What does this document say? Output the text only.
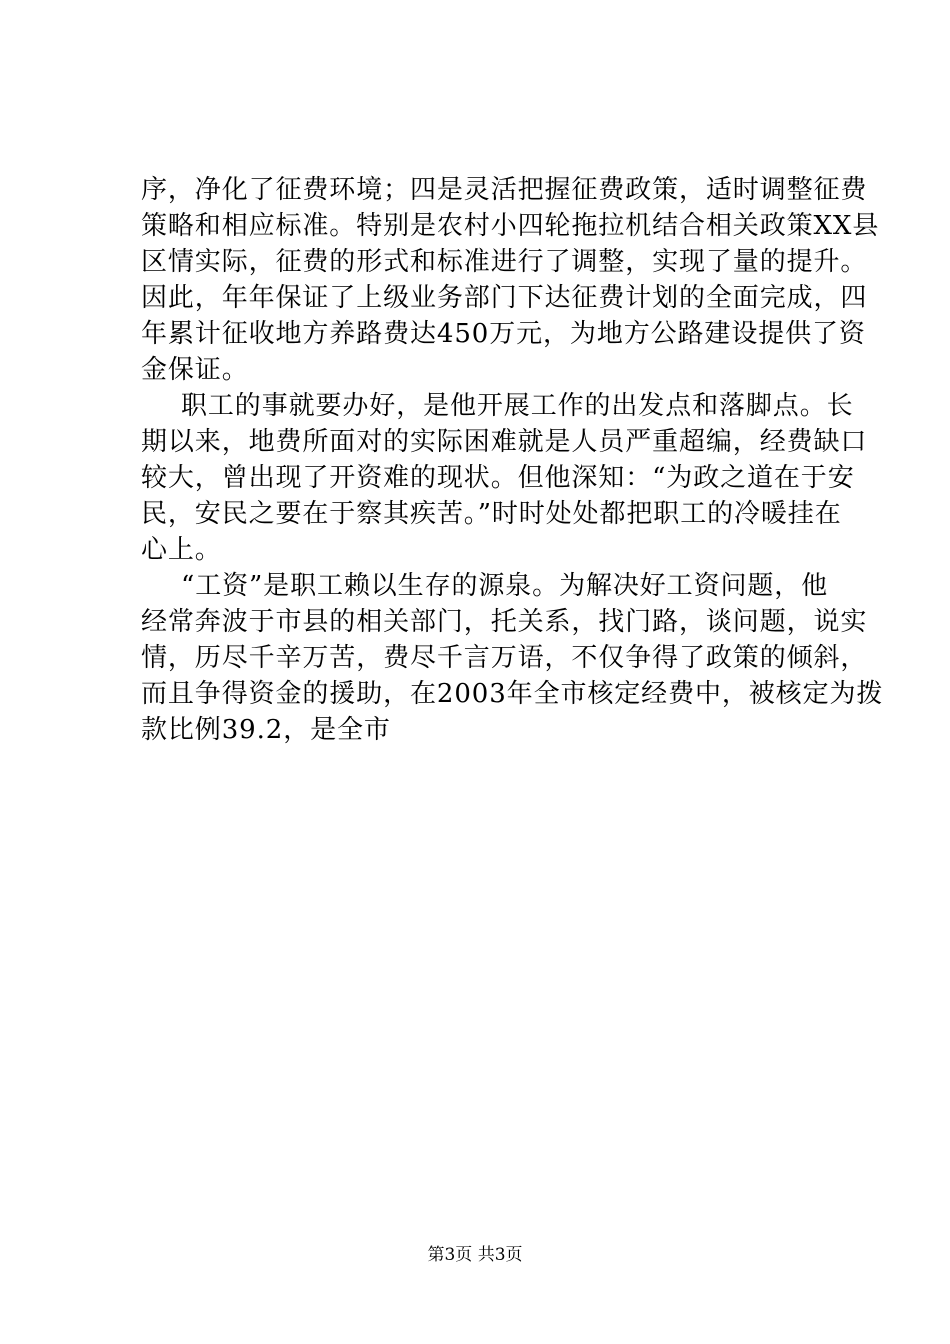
序，净化了征费环境；四是灵活把握征费政策，适时调整征费
策略和相应标准。特别是农村小四轮拖拉机结合相关政策XX县
区情实际，征费的形式和标准进行了调整，实现了量的提升。
因此，年年保证了上级业务部门下达征费计划的全面完成，四
年累计征收地方养路费达450万元，为地方公路建设提供了资
金保证。
职工的事就要办好，是他开展工作的出发点和落脚点。长
期以来，地费所面对的实际困难就是人员严重超编，经费缺口
较大，曾出现了开资难的现状。但他深知：“为政之道在于安
民，安民之要在于察其疾苦。”时时处处都把职工的冷暖挂在
心上。
“工资”是职工赖以生存的源泉。为解决好工资问题，他
经常奔波于市县的相关部门，托关系，找门路，谈问题，说实
情，历尽千辛万苦，费尽千言万语，不仅争得了政策的倾斜，
而且争得资金的援助，在2003年全市核定经费中，被核定为拨
款比例39.2，是全市
第3页 共3页
